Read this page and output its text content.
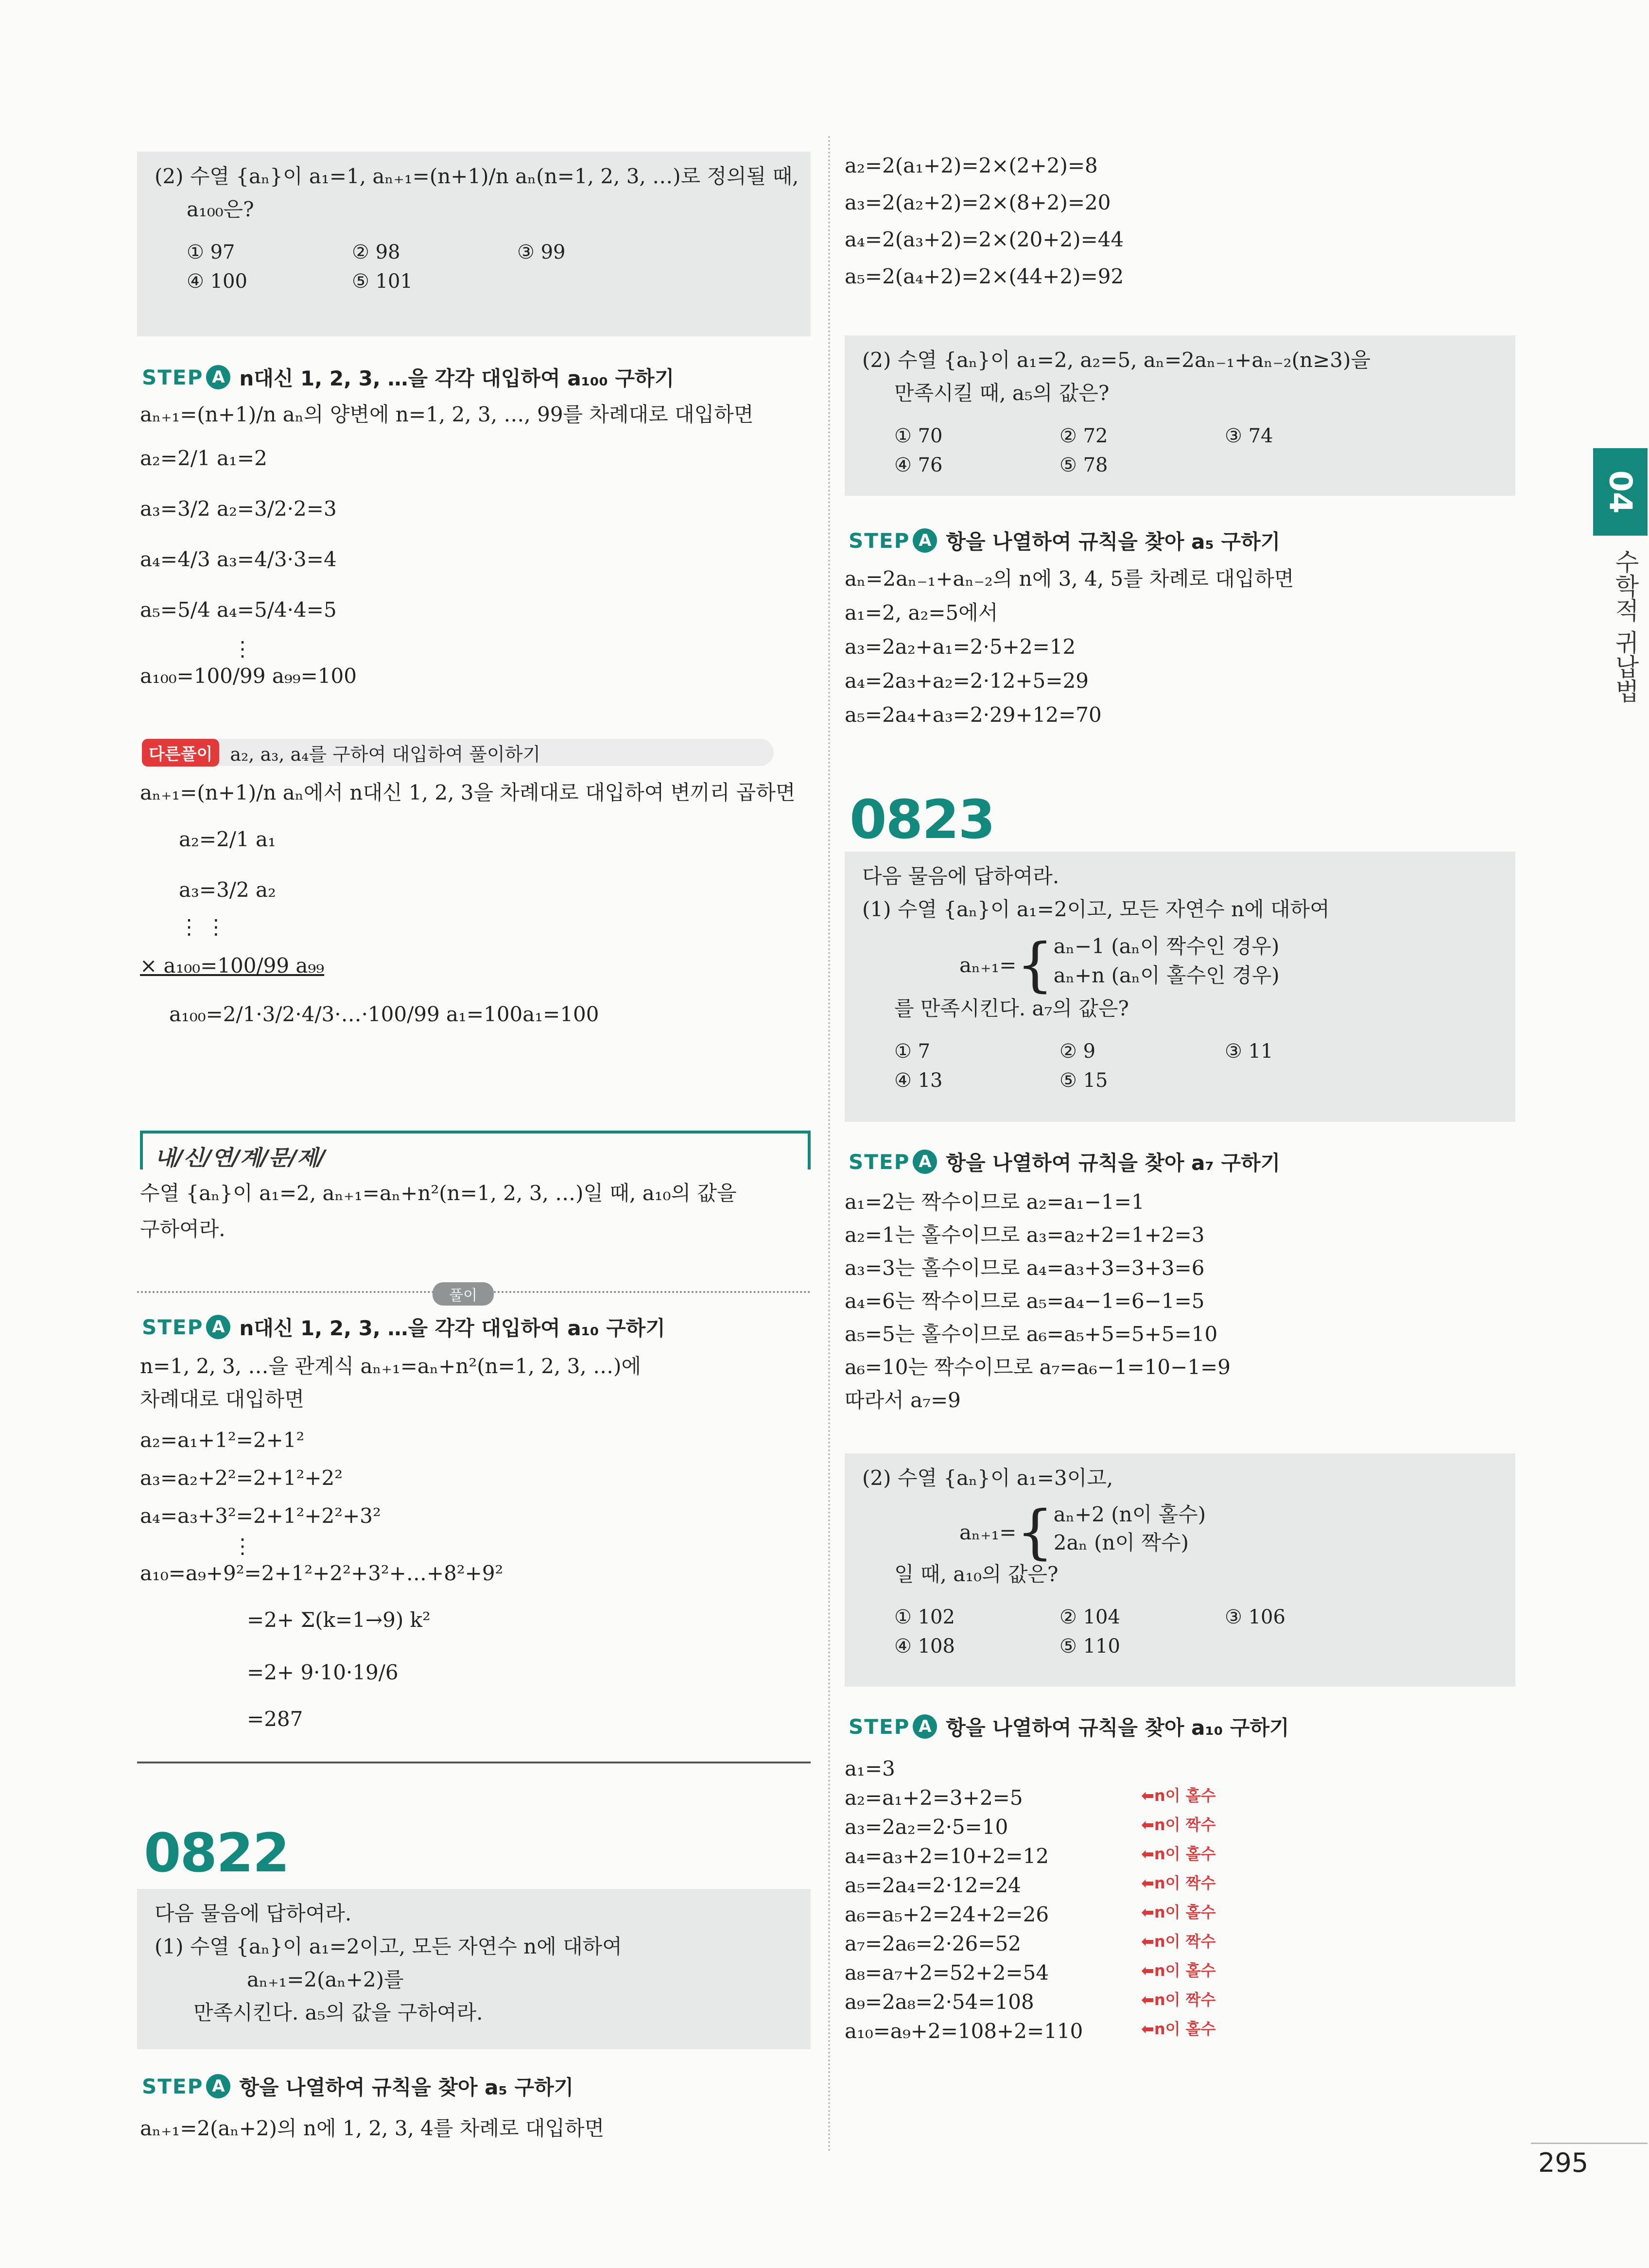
(2) 수열 {aₙ}이 a₁=1, aₙ₊₁=(n+1)/n aₙ(n=1, 2, 3, …)로 정의될 때,
a₁₀₀은?
① 97	② 98	③ 99
④ 100	⑤ 101
STEP A n대신 1, 2, 3, …을 각각 대입하여 a₁₀₀ 구하기
aₙ₊₁=(n+1)/n aₙ의 양변에 n=1, 2, 3, …, 99를 차례대로 대입하면
a₂=2/1 a₁=2
a₃=3/2 a₂=3/2·2=3
a₄=4/3 a₃=4/3·3=4
a₅=5/4 a₄=5/4·4=5
⋮
a₁₀₀=100/99 a₉₉=100
다른풀이 a₂, a₃, a₄를 구하여 대입하여 풀이하기
aₙ₊₁=(n+1)/n aₙ에서 n대신 1, 2, 3을 차례대로 대입하여 변끼리 곱하면
a₂=2/1 a₁
a₃=3/2 a₂
⋮ ⋮
× a₁₀₀=100/99 a₉₉
a₁₀₀=2/1·3/2·4/3·…·100/99 a₁=100a₁=100
내/신/연/계/문/제/
수열 {aₙ}이 a₁=2, aₙ₊₁=aₙ+n²(n=1, 2, 3, …)일 때, a₁₀의 값을
구하여라.
풀이
STEP A n대신 1, 2, 3, …을 각각 대입하여 a₁₀ 구하기
n=1, 2, 3, …을 관계식 aₙ₊₁=aₙ+n²(n=1, 2, 3, …)에
차례대로 대입하면
a₂=a₁+1²=2+1²
a₃=a₂+2²=2+1²+2²
a₄=a₃+3²=2+1²+2²+3²
⋮
a₁₀=a₉+9²=2+1²+2²+3²+…+8²+9²
=2+ Σ(k=1→9) k²
=2+ 9·10·19/6
=287
0822
다음 물음에 답하여라.
(1) 수열 {aₙ}이 a₁=2이고, 모든 자연수 n에 대하여
aₙ₊₁=2(aₙ+2)를
만족시킨다. a₅의 값을 구하여라.
STEP A 항을 나열하여 규칙을 찾아 a₅ 구하기
aₙ₊₁=2(aₙ+2)의 n에 1, 2, 3, 4를 차례로 대입하면
a₂=2(a₁+2)=2×(2+2)=8
a₃=2(a₂+2)=2×(8+2)=20
a₄=2(a₃+2)=2×(20+2)=44
a₅=2(a₄+2)=2×(44+2)=92
(2) 수열 {aₙ}이 a₁=2, a₂=5, aₙ=2aₙ₋₁+aₙ₋₂(n≥3)을
만족시킬 때, a₅의 값은?
① 70	② 72	③ 74
④ 76	⑤ 78
STEP A 항을 나열하여 규칙을 찾아 a₅ 구하기
aₙ=2aₙ₋₁+aₙ₋₂의 n에 3, 4, 5를 차례로 대입하면
a₁=2, a₂=5에서
a₃=2a₂+a₁=2·5+2=12
a₄=2a₃+a₂=2·12+5=29
a₅=2a₄+a₃=2·29+12=70
0823
다음 물음에 답하여라.
(1) 수열 {aₙ}이 a₁=2이고, 모든 자연수 n에 대하여
aₙ₊₁= { aₙ−1 (aₙ이 짝수인 경우)
aₙ+n (aₙ이 홀수인 경우)
를 만족시킨다. a₇의 값은?
① 7	② 9	③ 11
④ 13	⑤ 15
STEP A 항을 나열하여 규칙을 찾아 a₇ 구하기
a₁=2는 짝수이므로 a₂=a₁−1=1
a₂=1는 홀수이므로 a₃=a₂+2=1+2=3
a₃=3는 홀수이므로 a₄=a₃+3=3+3=6
a₄=6는 짝수이므로 a₅=a₄−1=6−1=5
a₅=5는 홀수이므로 a₆=a₅+5=5+5=10
a₆=10는 짝수이므로 a₇=a₆−1=10−1=9
따라서 a₇=9
(2) 수열 {aₙ}이 a₁=3이고,
aₙ₊₁= { aₙ+2 (n이 홀수)
2aₙ (n이 짝수)
일 때, a₁₀의 값은?
① 102	② 104	③ 106
④ 108	⑤ 110
STEP A 항을 나열하여 규칙을 찾아 a₁₀ 구하기
a₁=3
a₂=a₁+2=3+2=5	⬅n이 홀수
a₃=2a₂=2·5=10	⬅n이 짝수
a₄=a₃+2=10+2=12	⬅n이 홀수
a₅=2a₄=2·12=24	⬅n이 짝수
a₆=a₅+2=24+2=26	⬅n이 홀수
a₇=2a₆=2·26=52	⬅n이 짝수
a₈=a₇+2=52+2=54	⬅n이 홀수
a₉=2a₈=2·54=108	⬅n이 짝수
a₁₀=a₉+2=108+2=110	⬅n이 홀수
04
수학적 귀납법
295
